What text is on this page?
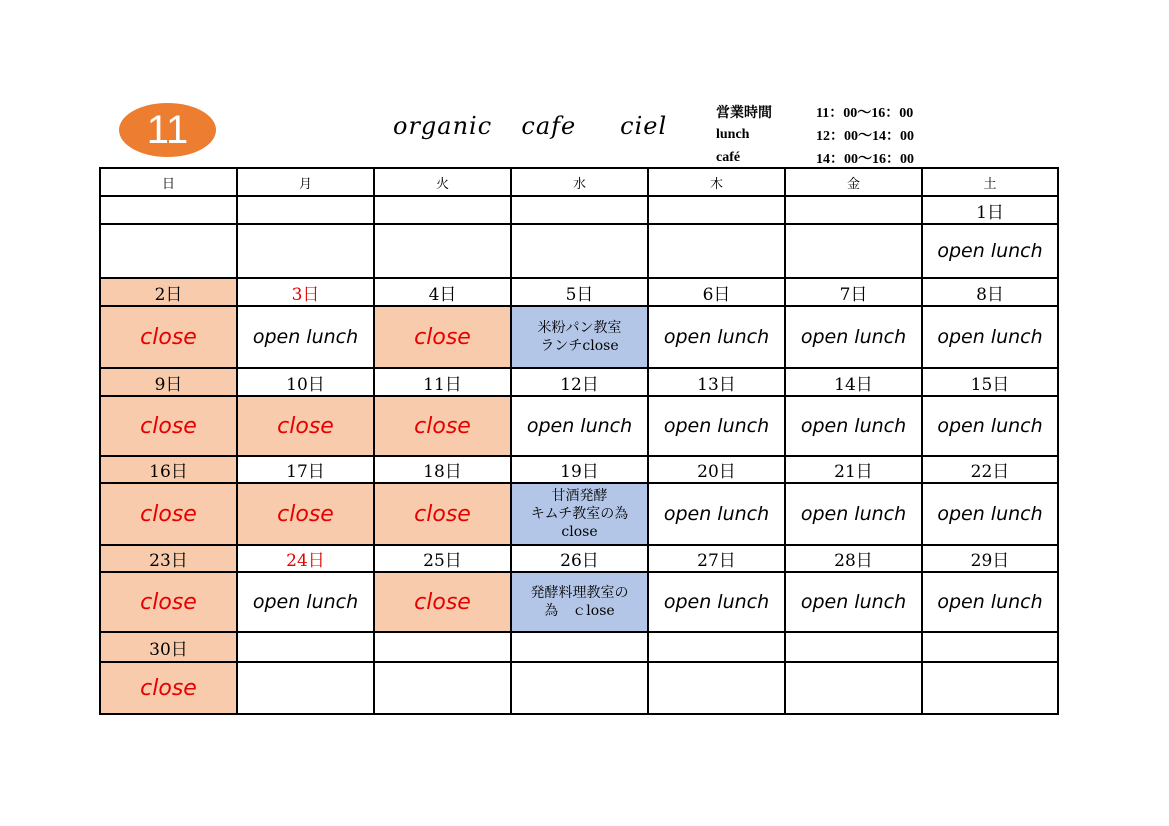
11	organic  cafe   ciel	営業時間	11：00～16：00
lunch	12：00～14：00
café	14：00～16：00
日	月	火	水	木	金	土
						1日

						open lunch

2日	3日	4日	5日	6日	7日	8日

close	open lunch	close	米粉パン教室
ランチclose	open lunch	open lunch	open lunch

9日	10日	11日	12日	13日	14日	15日

close	close	close	open lunch	open lunch	open lunch	open lunch

16日	17日	18日	19日	20日	21日	22日

close	close	close	甘酒発酵
キムチ教室の為
close	open lunch	open lunch	open lunch

23日	24日	25日	26日	27日	28日	29日

close	open lunch	close	発酵料理教室の
為　ｃlose	open lunch	open lunch	open lunch

30日						

close						
